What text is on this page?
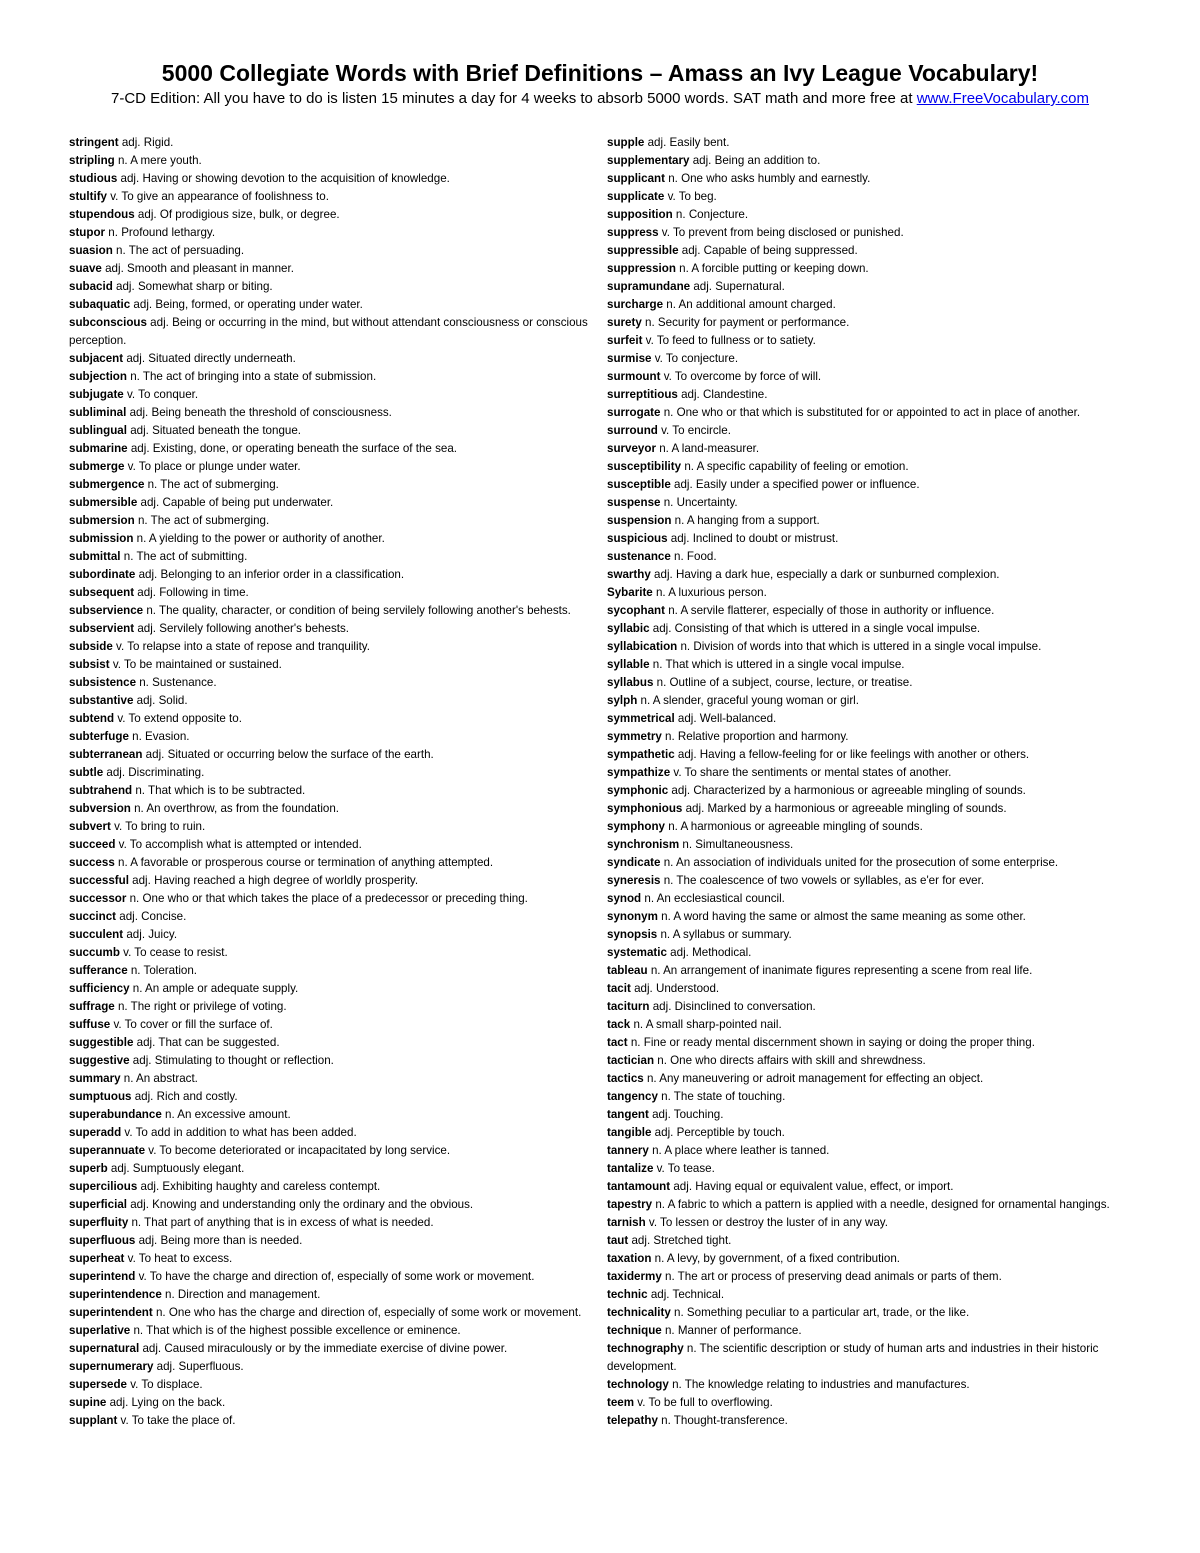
5000 Collegiate Words with Brief Definitions – Amass an Ivy League Vocabulary!
7-CD Edition: All you have to do is listen 15 minutes a day for 4 weeks to absorb 5000 words. SAT math and more free at www.FreeVocabulary.com
stringent adj. Rigid.
stripling n. A mere youth.
studious adj. Having or showing devotion to the acquisition of knowledge.
stultify v. To give an appearance of foolishness to.
stupendous adj. Of prodigious size, bulk, or degree.
stupor n. Profound lethargy.
suasion n. The act of persuading.
suave adj. Smooth and pleasant in manner.
subacid adj. Somewhat sharp or biting.
subaquatic adj. Being, formed, or operating under water.
subconscious adj. Being or occurring in the mind, but without attendant consciousness or conscious perception.
subjacent adj. Situated directly underneath.
subjection n. The act of bringing into a state of submission.
subjugate v. To conquer.
subliminal adj. Being beneath the threshold of consciousness.
sublingual adj. Situated beneath the tongue.
submarine adj. Existing, done, or operating beneath the surface of the sea.
submerge v. To place or plunge under water.
submergence n. The act of submerging.
submersible adj. Capable of being put underwater.
submersion n. The act of submerging.
submission n. A yielding to the power or authority of another.
submittal n. The act of submitting.
subordinate adj. Belonging to an inferior order in a classification.
subsequent adj. Following in time.
subservience n. The quality, character, or condition of being servilely following another's behests.
subservient adj. Servilely following another's behests.
subside v. To relapse into a state of repose and tranquility.
subsist v. To be maintained or sustained.
subsistence n. Sustenance.
substantive adj. Solid.
subtend v. To extend opposite to.
subterfuge n. Evasion.
subterranean adj. Situated or occurring below the surface of the earth.
subtle adj. Discriminating.
subtrahend n. That which is to be subtracted.
subversion n. An overthrow, as from the foundation.
subvert v. To bring to ruin.
succeed v. To accomplish what is attempted or intended.
success n. A favorable or prosperous course or termination of anything attempted.
successful adj. Having reached a high degree of worldly prosperity.
successor n. One who or that which takes the place of a predecessor or preceding thing.
succinct adj. Concise.
succulent adj. Juicy.
succumb v. To cease to resist.
sufferance n. Toleration.
sufficiency n. An ample or adequate supply.
suffrage n. The right or privilege of voting.
suffuse v. To cover or fill the surface of.
suggestible adj. That can be suggested.
suggestive adj. Stimulating to thought or reflection.
summary n. An abstract.
sumptuous adj. Rich and costly.
superabundance n. An excessive amount.
superadd v. To add in addition to what has been added.
superannuate v. To become deteriorated or incapacitated by long service.
superb adj. Sumptuously elegant.
supercilious adj. Exhibiting haughty and careless contempt.
superficial adj. Knowing and understanding only the ordinary and the obvious.
superfluity n. That part of anything that is in excess of what is needed.
superfluous adj. Being more than is needed.
superheat v. To heat to excess.
superintend v. To have the charge and direction of, especially of some work or movement.
superintendence n. Direction and management.
superintendent n. One who has the charge and direction of, especially of some work or movement.
superlative n. That which is of the highest possible excellence or eminence.
supernatural adj. Caused miraculously or by the immediate exercise of divine power.
supernumerary adj. Superfluous.
supersede v. To displace.
supine adj. Lying on the back.
supplant v. To take the place of.
supple adj. Easily bent.
supplementary adj. Being an addition to.
supplicant n. One who asks humbly and earnestly.
supplicate v. To beg.
supposition n. Conjecture.
suppress v. To prevent from being disclosed or punished.
suppressible adj. Capable of being suppressed.
suppression n. A forcible putting or keeping down.
supramundane adj. Supernatural.
surcharge n. An additional amount charged.
surety n. Security for payment or performance.
surfeit v. To feed to fullness or to satiety.
surmise v. To conjecture.
surmount v. To overcome by force of will.
surreptitious adj. Clandestine.
surrogate n. One who or that which is substituted for or appointed to act in place of another.
surround v. To encircle.
surveyor n. A land-measurer.
susceptibility n. A specific capability of feeling or emotion.
susceptible adj. Easily under a specified power or influence.
suspense n. Uncertainty.
suspension n. A hanging from a support.
suspicious adj. Inclined to doubt or mistrust.
sustenance n. Food.
swarthy adj. Having a dark hue, especially a dark or sunburned complexion.
Sybarite n. A luxurious person.
sycophant n. A servile flatterer, especially of those in authority or influence.
syllabic adj. Consisting of that which is uttered in a single vocal impulse.
syllabication n. Division of words into that which is uttered in a single vocal impulse.
syllable n. That which is uttered in a single vocal impulse.
syllabus n. Outline of a subject, course, lecture, or treatise.
sylph n. A slender, graceful young woman or girl.
symmetrical adj. Well-balanced.
symmetry n. Relative proportion and harmony.
sympathetic adj. Having a fellow-feeling for or like feelings with another or others.
sympathize v. To share the sentiments or mental states of another.
symphonic adj. Characterized by a harmonious or agreeable mingling of sounds.
symphonious adj. Marked by a harmonious or agreeable mingling of sounds.
symphony n. A harmonious or agreeable mingling of sounds.
synchronism n. Simultaneousness.
syndicate n. An association of individuals united for the prosecution of some enterprise.
syneresis n. The coalescence of two vowels or syllables, as e'er for ever.
synod n. An ecclesiastical council.
synonym n. A word having the same or almost the same meaning as some other.
synopsis n. A syllabus or summary.
systematic adj. Methodical.
tableau n. An arrangement of inanimate figures representing a scene from real life.
tacit adj. Understood.
taciturn adj. Disinclined to conversation.
tack n. A small sharp-pointed nail.
tact n. Fine or ready mental discernment shown in saying or doing the proper thing.
tactician n. One who directs affairs with skill and shrewdness.
tactics n. Any maneuvering or adroit management for effecting an object.
tangency n. The state of touching.
tangent adj. Touching.
tangible adj. Perceptible by touch.
tannery n. A place where leather is tanned.
tantalize v. To tease.
tantamount adj. Having equal or equivalent value, effect, or import.
tapestry n. A fabric to which a pattern is applied with a needle, designed for ornamental hangings.
tarnish v. To lessen or destroy the luster of in any way.
taut adj. Stretched tight.
taxation n. A levy, by government, of a fixed contribution.
taxidermy n. The art or process of preserving dead animals or parts of them.
technic adj. Technical.
technicality n. Something peculiar to a particular art, trade, or the like.
technique n. Manner of performance.
technography n. The scientific description or study of human arts and industries in their historic development.
technology n. The knowledge relating to industries and manufactures.
teem v. To be full to overflowing.
telepathy n. Thought-transference.
